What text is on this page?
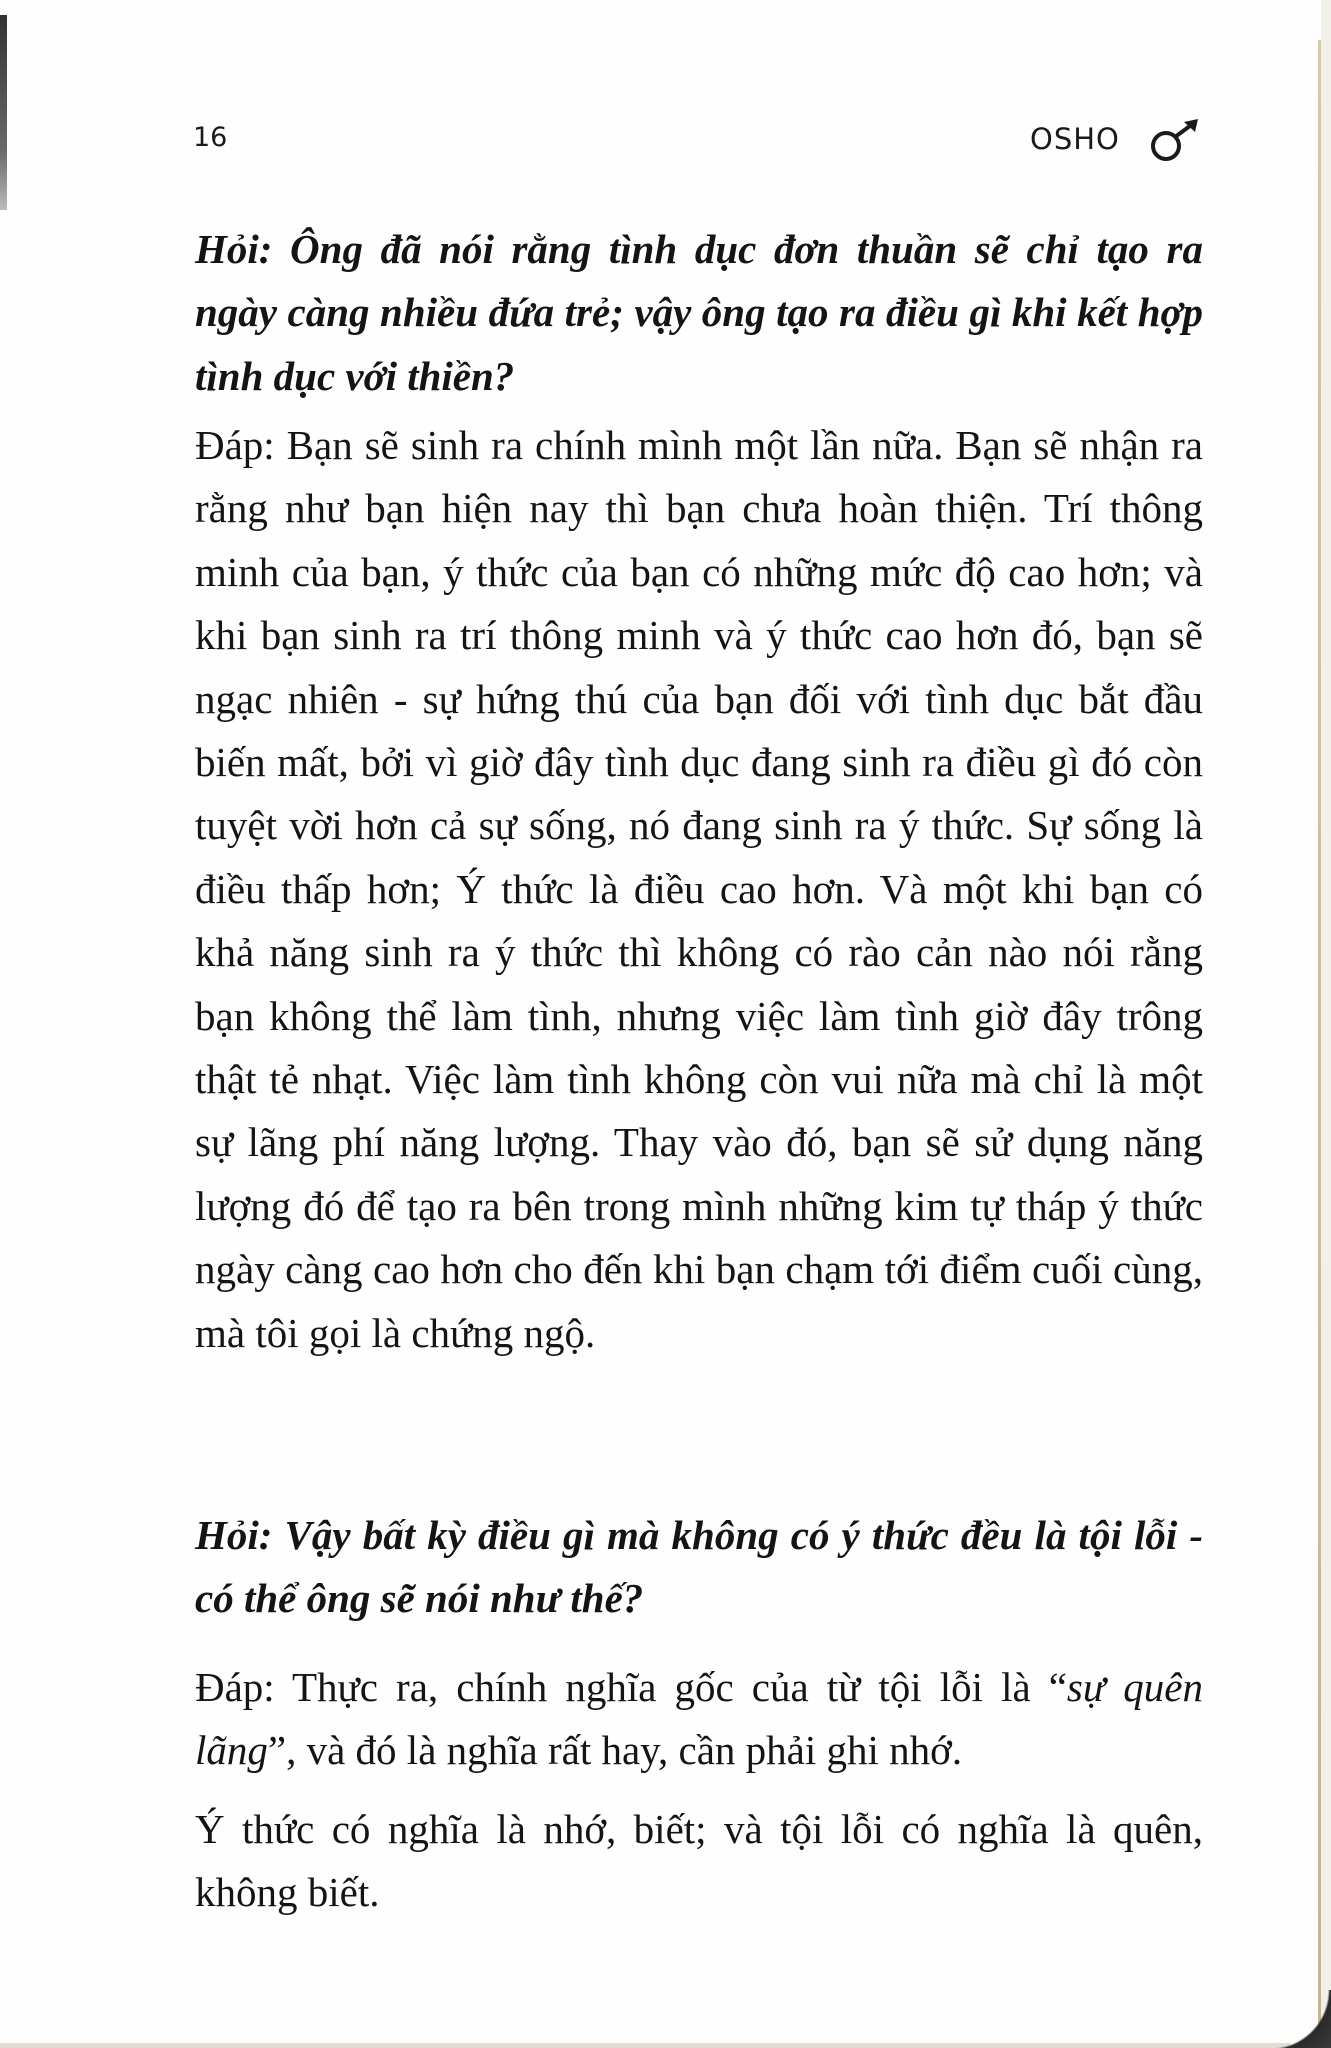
16	OSHO

Hỏi: Ông đã nói rằng tình dục đơn thuần sẽ chỉ tạo ra ngày càng nhiều đứa trẻ; vậy ông tạo ra điều gì khi kết hợp tình dục với thiền?

Đáp: Bạn sẽ sinh ra chính mình một lần nữa. Bạn sẽ nhận ra rằng như bạn hiện nay thì bạn chưa hoàn thiện. Trí thông minh của bạn, ý thức của bạn có những mức độ cao hơn; và khi bạn sinh ra trí thông minh và ý thức cao hơn đó, bạn sẽ ngạc nhiên - sự hứng thú của bạn đối với tình dục bắt đầu biến mất, bởi vì giờ đây tình dục đang sinh ra điều gì đó còn tuyệt vời hơn cả sự sống, nó đang sinh ra ý thức. Sự sống là điều thấp hơn; Ý thức là điều cao hơn. Và một khi bạn có khả năng sinh ra ý thức thì không có rào cản nào nói rằng bạn không thể làm tình, nhưng việc làm tình giờ đây trông thật tẻ nhạt. Việc làm tình không còn vui nữa mà chỉ là một sự lãng phí năng lượng. Thay vào đó, bạn sẽ sử dụng năng lượng đó để tạo ra bên trong mình những kim tự tháp ý thức ngày càng cao hơn cho đến khi bạn chạm tới điểm cuối cùng, mà tôi gọi là chứng ngộ.

Hỏi: Vậy bất kỳ điều gì mà không có ý thức đều là tội lỗi - có thể ông sẽ nói như thế?

Đáp: Thực ra, chính nghĩa gốc của từ tội lỗi là “sự quên lãng”, và đó là nghĩa rất hay, cần phải ghi nhớ.

Ý thức có nghĩa là nhớ, biết; và tội lỗi có nghĩa là quên, không biết.
